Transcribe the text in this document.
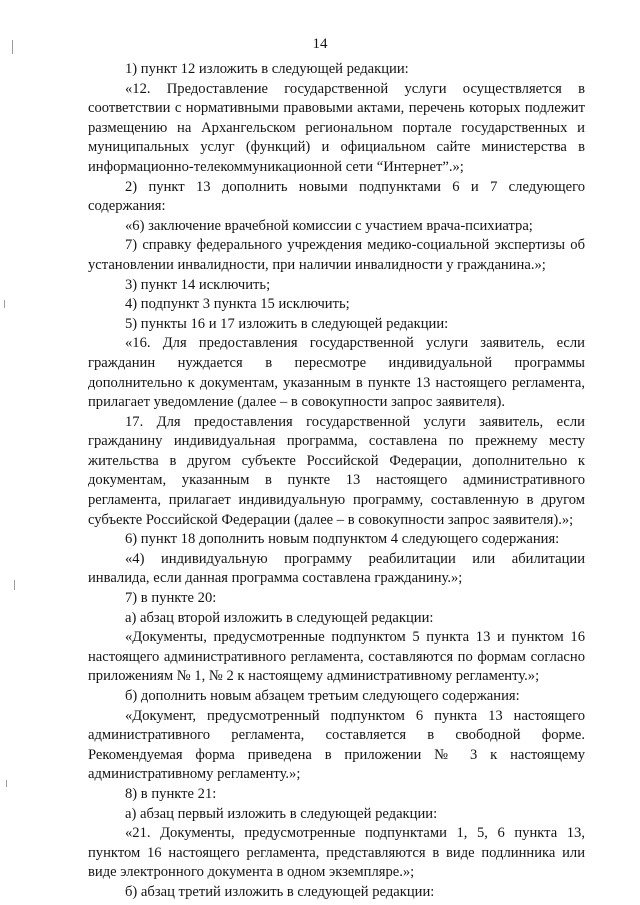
14

1) пункт 12 изложить в следующей редакции:

«12. Предоставление государственной услуги осуществляется в соответствии с нормативными правовыми актами, перечень которых подлежит размещению на Архангельском региональном портале государственных и муниципальных услуг (функций) и официальном сайте министерства в информационно-телекоммуникационной сети “Интернет”.»;

2) пункт 13 дополнить новыми подпунктами 6 и 7 следующего содержания:

«6) заключение врачебной комиссии с участием врача-психиатра;

7) справку федерального учреждения медико-социальной экспертизы об установлении инвалидности, при наличии инвалидности у гражданина.»;

3) пункт 14 исключить;

4) подпункт 3 пункта 15 исключить;

5) пункты 16 и 17 изложить в следующей редакции:

«16. Для предоставления государственной услуги заявитель, если гражданин нуждается в пересмотре индивидуальной программы дополнительно к документам, указанным в пункте 13 настоящего регламента, прилагает уведомление (далее – в совокупности запрос заявителя).

17. Для предоставления государственной услуги заявитель, если гражданину индивидуальная программа, составлена по прежнему месту жительства в другом субъекте Российской Федерации, дополнительно к документам, указанным в пункте 13 настоящего административного регламента, прилагает индивидуальную программу, составленную в другом субъекте Российской Федерации (далее – в совокупности запрос заявителя).»;

6) пункт 18 дополнить новым подпунктом 4 следующего содержания:

«4) индивидуальную программу реабилитации или абилитации инвалида, если данная программа составлена гражданину.»;

7) в пункте 20:

а) абзац второй изложить в следующей редакции:

«Документы, предусмотренные подпунктом 5 пункта 13 и пунктом 16 настоящего административного регламента, составляются по формам согласно приложениям № 1, № 2 к настоящему административному регламенту.»;

б) дополнить новым абзацем третьим следующего содержания:

«Документ, предусмотренный подпунктом 6 пункта 13 настоящего административного регламента, составляется в свободной форме. Рекомендуемая форма приведена в приложении № 3 к настоящему административному регламенту.»;

8) в пункте 21:

а) абзац первый изложить в следующей редакции:

«21. Документы, предусмотренные подпунктами 1, 5, 6 пункта 13, пунктом 16 настоящего регламента, представляются в виде подлинника или виде электронного документа в одном экземпляре.»;

б) абзац третий изложить в следующей редакции:
